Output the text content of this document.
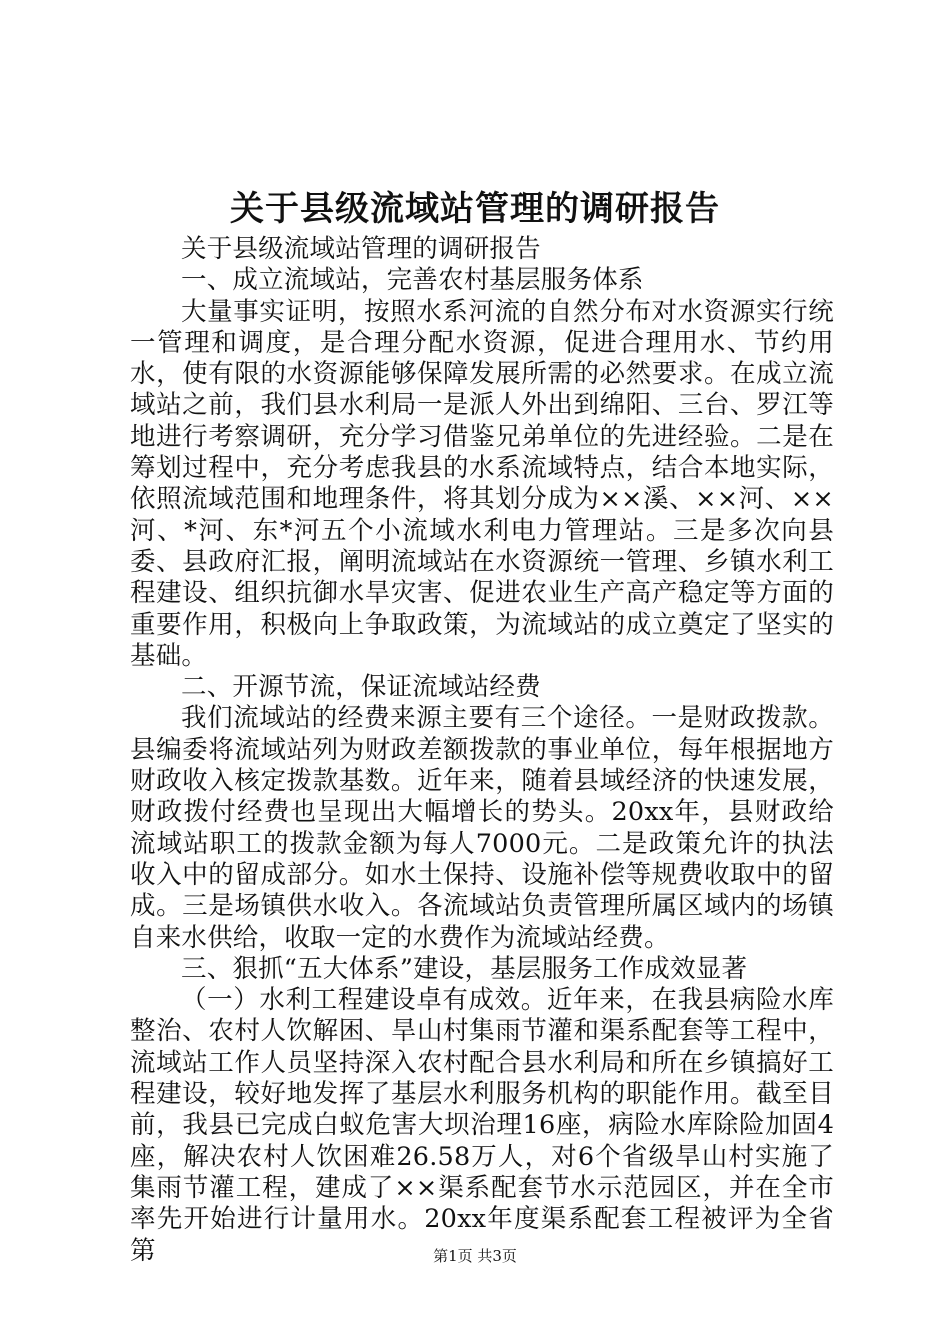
关于县级流域站管理的调研报告

关于县级流域站管理的调研报告

一、成立流域站，完善农村基层服务体系

大量事实证明，按照水系河流的自然分布对水资源实行统一管理和调度，是合理分配水资源，促进合理用水、节约用水，使有限的水资源能够保障发展所需的必然要求。在成立流域站之前，我们县水利局一是派人外出到绵阳、三台、罗江等地进行考察调研，充分学习借鉴兄弟单位的先进经验。二是在筹划过程中，充分考虑我县的水系流域特点，结合本地实际，依照流域范围和地理条件，将其划分成为××溪、××河、××河、*河、东*河五个小流域水利电力管理站。三是多次向县委、县政府汇报，阐明流域站在水资源统一管理、乡镇水利工程建设、组织抗御水旱灾害、促进农业生产高产稳定等方面的重要作用，积极向上争取政策，为流域站的成立奠定了坚实的基础。

二、开源节流，保证流域站经费

我们流域站的经费来源主要有三个途径。一是财政拨款。县编委将流域站列为财政差额拨款的事业单位，每年根据地方财政收入核定拨款基数。近年来，随着县域经济的快速发展，财政拨付经费也呈现出大幅增长的势头。20xx年，县财政给流域站职工的拨款金额为每人7000元。二是政策允许的执法收入中的留成部分。如水土保持、设施补偿等规费收取中的留成。三是场镇供水收入。各流域站负责管理所属区域内的场镇自来水供给，收取一定的水费作为流域站经费。

三、狠抓“五大体系”建设，基层服务工作成效显著

（一）水利工程建设卓有成效。近年来，在我县病险水库整治、农村人饮解困、旱山村集雨节灌和渠系配套等工程中，流域站工作人员坚持深入农村配合县水利局和所在乡镇搞好工程建设，较好地发挥了基层水利服务机构的职能作用。截至目前，我县已完成白蚁危害大坝治理16座，病险水库除险加固4座，解决农村人饮困难26.58万人，对6个省级旱山村实施了集雨节灌工程，建成了××渠系配套节水示范园区，并在全市率先开始进行计量用水。20xx年度渠系配套工程被评为全省第	第1页 共3页
